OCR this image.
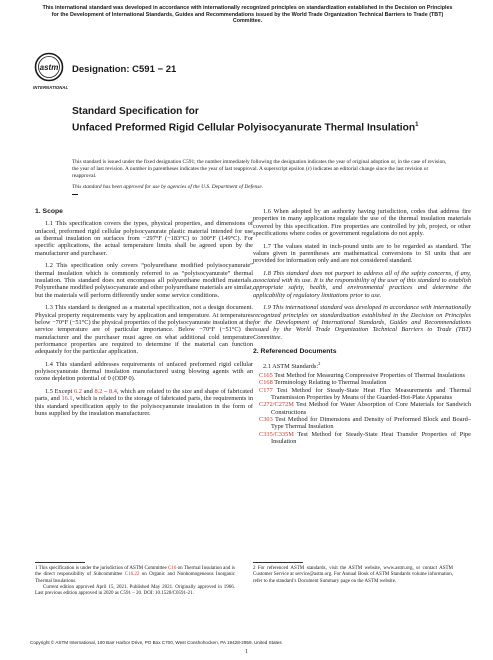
This international standard was developed in accordance with internationally recognized principles on standardization established in the Decision on Principles for the Development of International Standards, Guides and Recommendations issued by the World Trade Organization Technical Barriers to Trade (TBT) Committee.
astm
INTERNATIONAL
Designation: C591 − 21
Standard Specification for
Unfaced Preformed Rigid Cellular Polyisocyanurate Thermal Insulation$^1$
This standard is issued under the fixed designation C591; the number immediately following the designation indicates the year of original adoption or, in the case of revision, the year of last revision. A number in parentheses indicates the year of last reapproval. A superscript epsilon (ε) indicates an editorial change since the last revision or reapproval.
This standard has been approved for use by agencies of the U.S. Department of Defense.
1. Scope

1.1 This specification covers the types, physical properties, and dimensions of unfaced, preformed rigid cellular polyisocyanurate plastic material intended for use as thermal insulation on surfaces from −297°F (−183°C) to 300°F (149°C). For specific applications, the actual temperature limits shall be agreed upon by the manufacturer and purchaser.

1.2 This specification only covers “polyurethane modified polyisocyanurate” thermal insulation which is commonly referred to as “polyisocyanurate” thermal insulation. This standard does not encompass all polyurethane modified materials. Polyurethane modified polyisocyanurate and other polyurethane materials are similar, but the materials will perform differently under some service conditions.

1.3 This standard is designed as a material specification, not a design document. Physical property requirements vary by application and temperature. At temperatures below −70°F (−51°C) the physical properties of the polyisocyanurate insulation at the service temperature are of particular importance. Below −70°F (−51°C) the manufacturer and the purchaser must agree on what additional cold temperature performance properties are required to determine if the material can function adequately for the particular application.

1.4 This standard addresses requirements of unfaced preformed rigid cellular polyisocyanurate thermal insulation manufactured using blowing agents with an ozone depletion potential of 0 (ODP 0).

1.5 Except 6.2 and 8.2 – 8.4, which are related to the size and shape of fabricated parts, and 16.1, which is related to the storage of fabricated parts, the requirements in this standard specification apply to the polyisocyanurate insulation in the form of buns supplied by the insulation manufacturer.

1.6 When adopted by an authority having jurisdiction, codes that address fire properties in many applications regulate the use of the thermal insulation materials covered by this specification. Fire properties are controlled by job, project, or other specifications where codes or government regulations do not apply.

1.7 The values stated in inch-pound units are to be regarded as standard. The values given in parentheses are mathematical conversions to SI units that are provided for information only and are not considered standard.

1.8 This standard does not purport to address all of the safety concerns, if any, associated with its use. It is the responsibility of the user of this standard to establish appropriate safety, health, and environmental practices and determine the applicability of regulatory limitations prior to use.

1.9 This international standard was developed in accordance with internationally recognized principles on standardization established in the Decision on Principles for the Development of International Standards, Guides and Recommendations issued by the World Trade Organization Technical Barriers to Trade (TBT) Committee.

2. Referenced Documents
2.1 ASTM Standards:$^2$
C165 Test Method for Measuring Compressive Properties of Thermal Insulations
C168 Terminology Relating to Thermal Insulation
C177 Test Method for Steady-State Heat Flux Measurements and Thermal Transmission Properties by Means of the Guarded-Hot-Plate Apparatus
C272/C272M Test Method for Water Absorption of Core Materials for Sandwich Constructions
C303 Test Method for Dimensions and Density of Preformed Block and Board–Type Thermal Insulation
C335/C335M Test Method for Steady-State Heat Transfer Properties of Pipe Insulation
1 This specification is under the jurisdiction of ASTM Committee C16 on Thermal Insulation and is the direct responsibility of Subcommittee C16.22 on Organic and Nonhomogeneous Inorganic Thermal Insulations.
Current edition approved April 15, 2021. Published May 2021. Originally approved in 1966. Last previous edition approved in 2020 as C591 – 20. DOI: 10.1520/C0591-21.
2 For referenced ASTM standards, visit the ASTM website, www.astm.org, or contact ASTM Customer Service at service@astm.org. For Annual Book of ASTM Standards volume information, refer to the standard’s Document Summary page on the ASTM website.
Copyright © ASTM International, 100 Barr Harbor Drive, PO Box C700, West Conshohocken, PA 19428-2959. United States
1
